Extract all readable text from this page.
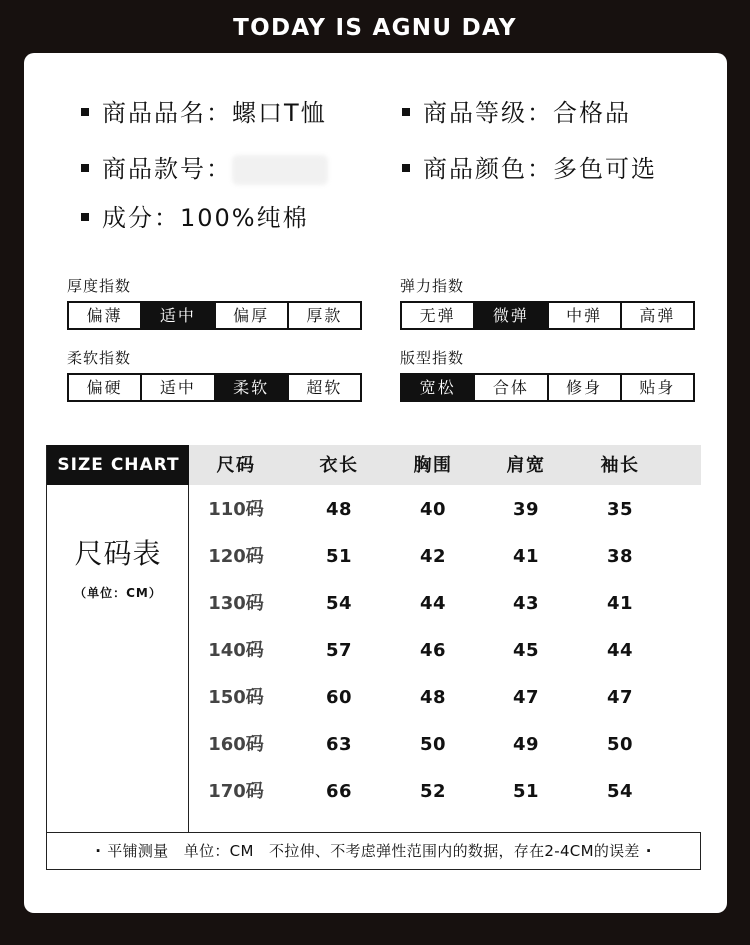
TODAY IS AGNU DAY
商品品名：螺口T恤	商品等级：合格品
商品款号：	商品颜色：多色可选
成分：100%纯棉
厚度指数
偏薄	适中	偏厚	厚款
弹力指数
无弹	微弹	中弹	高弹
柔软指数
偏硬	适中	柔软	超软
版型指数
宽松	合体	修身	贴身
SIZE CHART
尺码表
（单位：CM）
尺码	衣长	胸围	肩宽	袖长
110码	48	40	39	35
120码	51	42	41	38
130码	54	44	43	41
140码	57	46	45	44
150码	60	48	47	47
160码	63	50	49	50
170码	66	52	51	54
· 平铺测量　单位：CM　不拉伸、不考虑弹性范围内的数据，存在2-4CM的误差 ·
